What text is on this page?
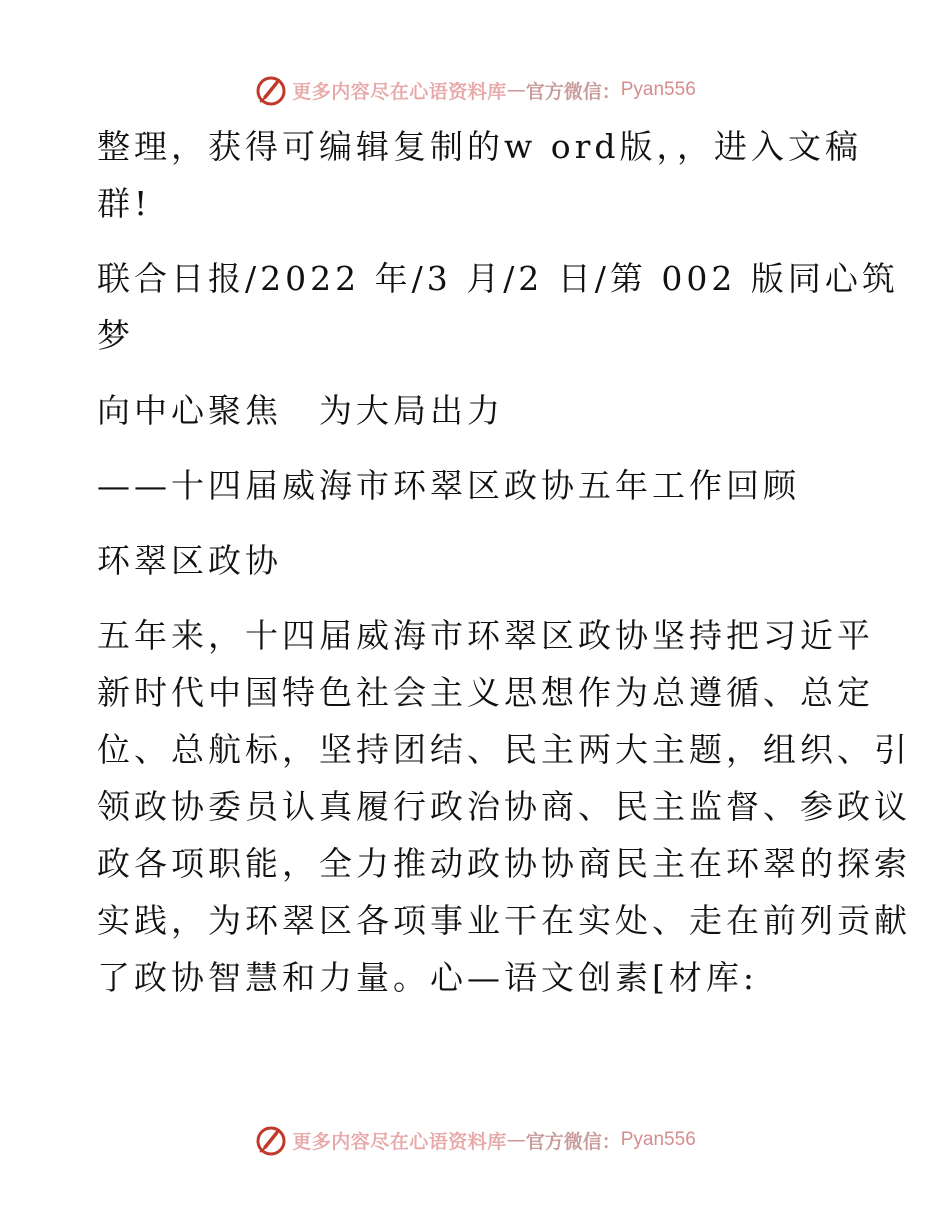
更多内容尽在心语资料库 — 官方微信： Pyan556
整理，获得可编辑复制的w ord版，，进入文稿
群!
联合日报/2022 年/3 月/2 日/第 002 版同心筑
梦
向中心聚焦　为大局出力
——十四届威海市环翠区政协五年工作回顾
环翠区政协
五年来，十四届威海市环翠区政协坚持把习近平
新时代中国特色社会主义思想作为总遵循、总定
位、总航标，坚持团结、民主两大主题，组织、引
领政协委员认真履行政治协商、民主监督、参政议
政各项职能，全力推动政协协商民主在环翠的探索
实践，为环翠区各项事业干在实处、走在前列贡献
了政协智慧和力量。心—语文创素[材库:
更多内容尽在心语资料库 — 官方微信： Pyan556
